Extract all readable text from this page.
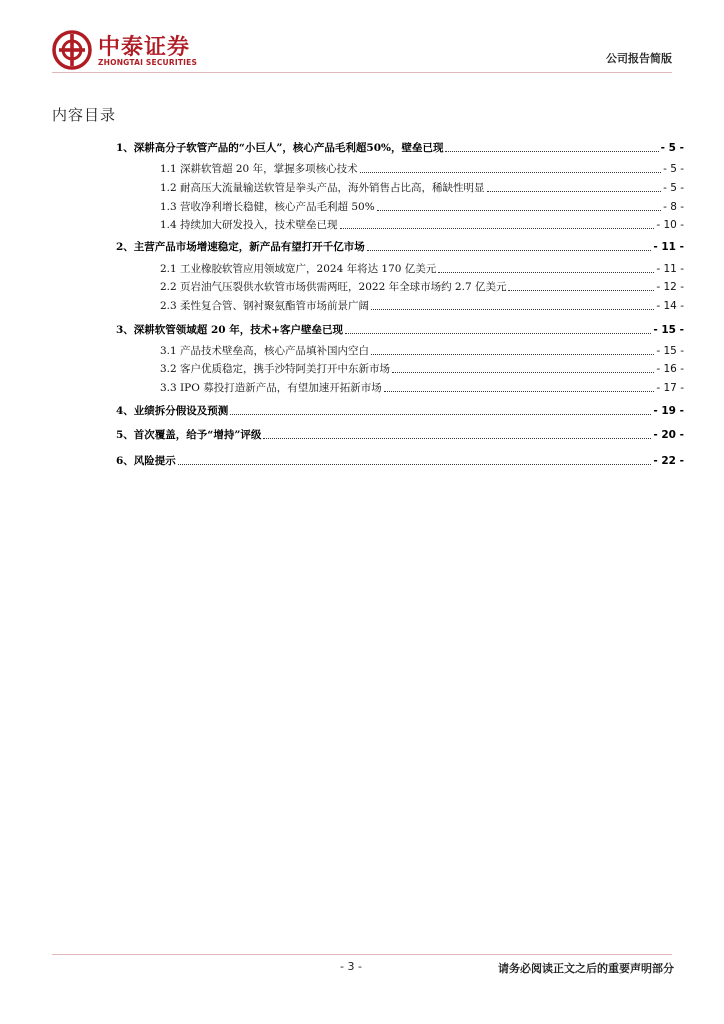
中泰证券
ZHONGTAI SECURITIES	公司报告简版
内容目录
1、深耕高分子软管产品的“小巨人”，核心产品毛利超50%，壁垒已现	- 5 -
1.1 深耕软管超 20 年，掌握多项核心技术	- 5 -
1.2 耐高压大流量输送软管是拳头产品，海外销售占比高，稀缺性明显	- 5 -
1.3 营收净利增长稳健，核心产品毛利超 50%	- 8 -
1.4 持续加大研发投入，技术壁垒已现	- 10 -
2、主营产品市场增速稳定，新产品有望打开千亿市场	- 11 -
2.1 工业橡胶软管应用领域宽广，2024 年将达 170 亿美元	- 11 -
2.2 页岩油气压裂供水软管市场供需两旺，2022 年全球市场约 2.7 亿美元	- 12 -
2.3 柔性复合管、钢衬聚氨酯管市场前景广阔	- 14 -
3、深耕软管领域超 20 年，技术+客户壁垒已现	- 15 -
3.1 产品技术壁垒高，核心产品填补国内空白	- 15 -
3.2 客户优质稳定，携手沙特阿美打开中东新市场	- 16 -
3.3 IPO 募投打造新产品，有望加速开拓新市场	- 17 -
4、业绩拆分假设及预测	- 19 -
5、首次覆盖，给予“增持”评级	- 20 -
6、风险提示	- 22 -
- 3 -	请务必阅读正文之后的重要声明部分
